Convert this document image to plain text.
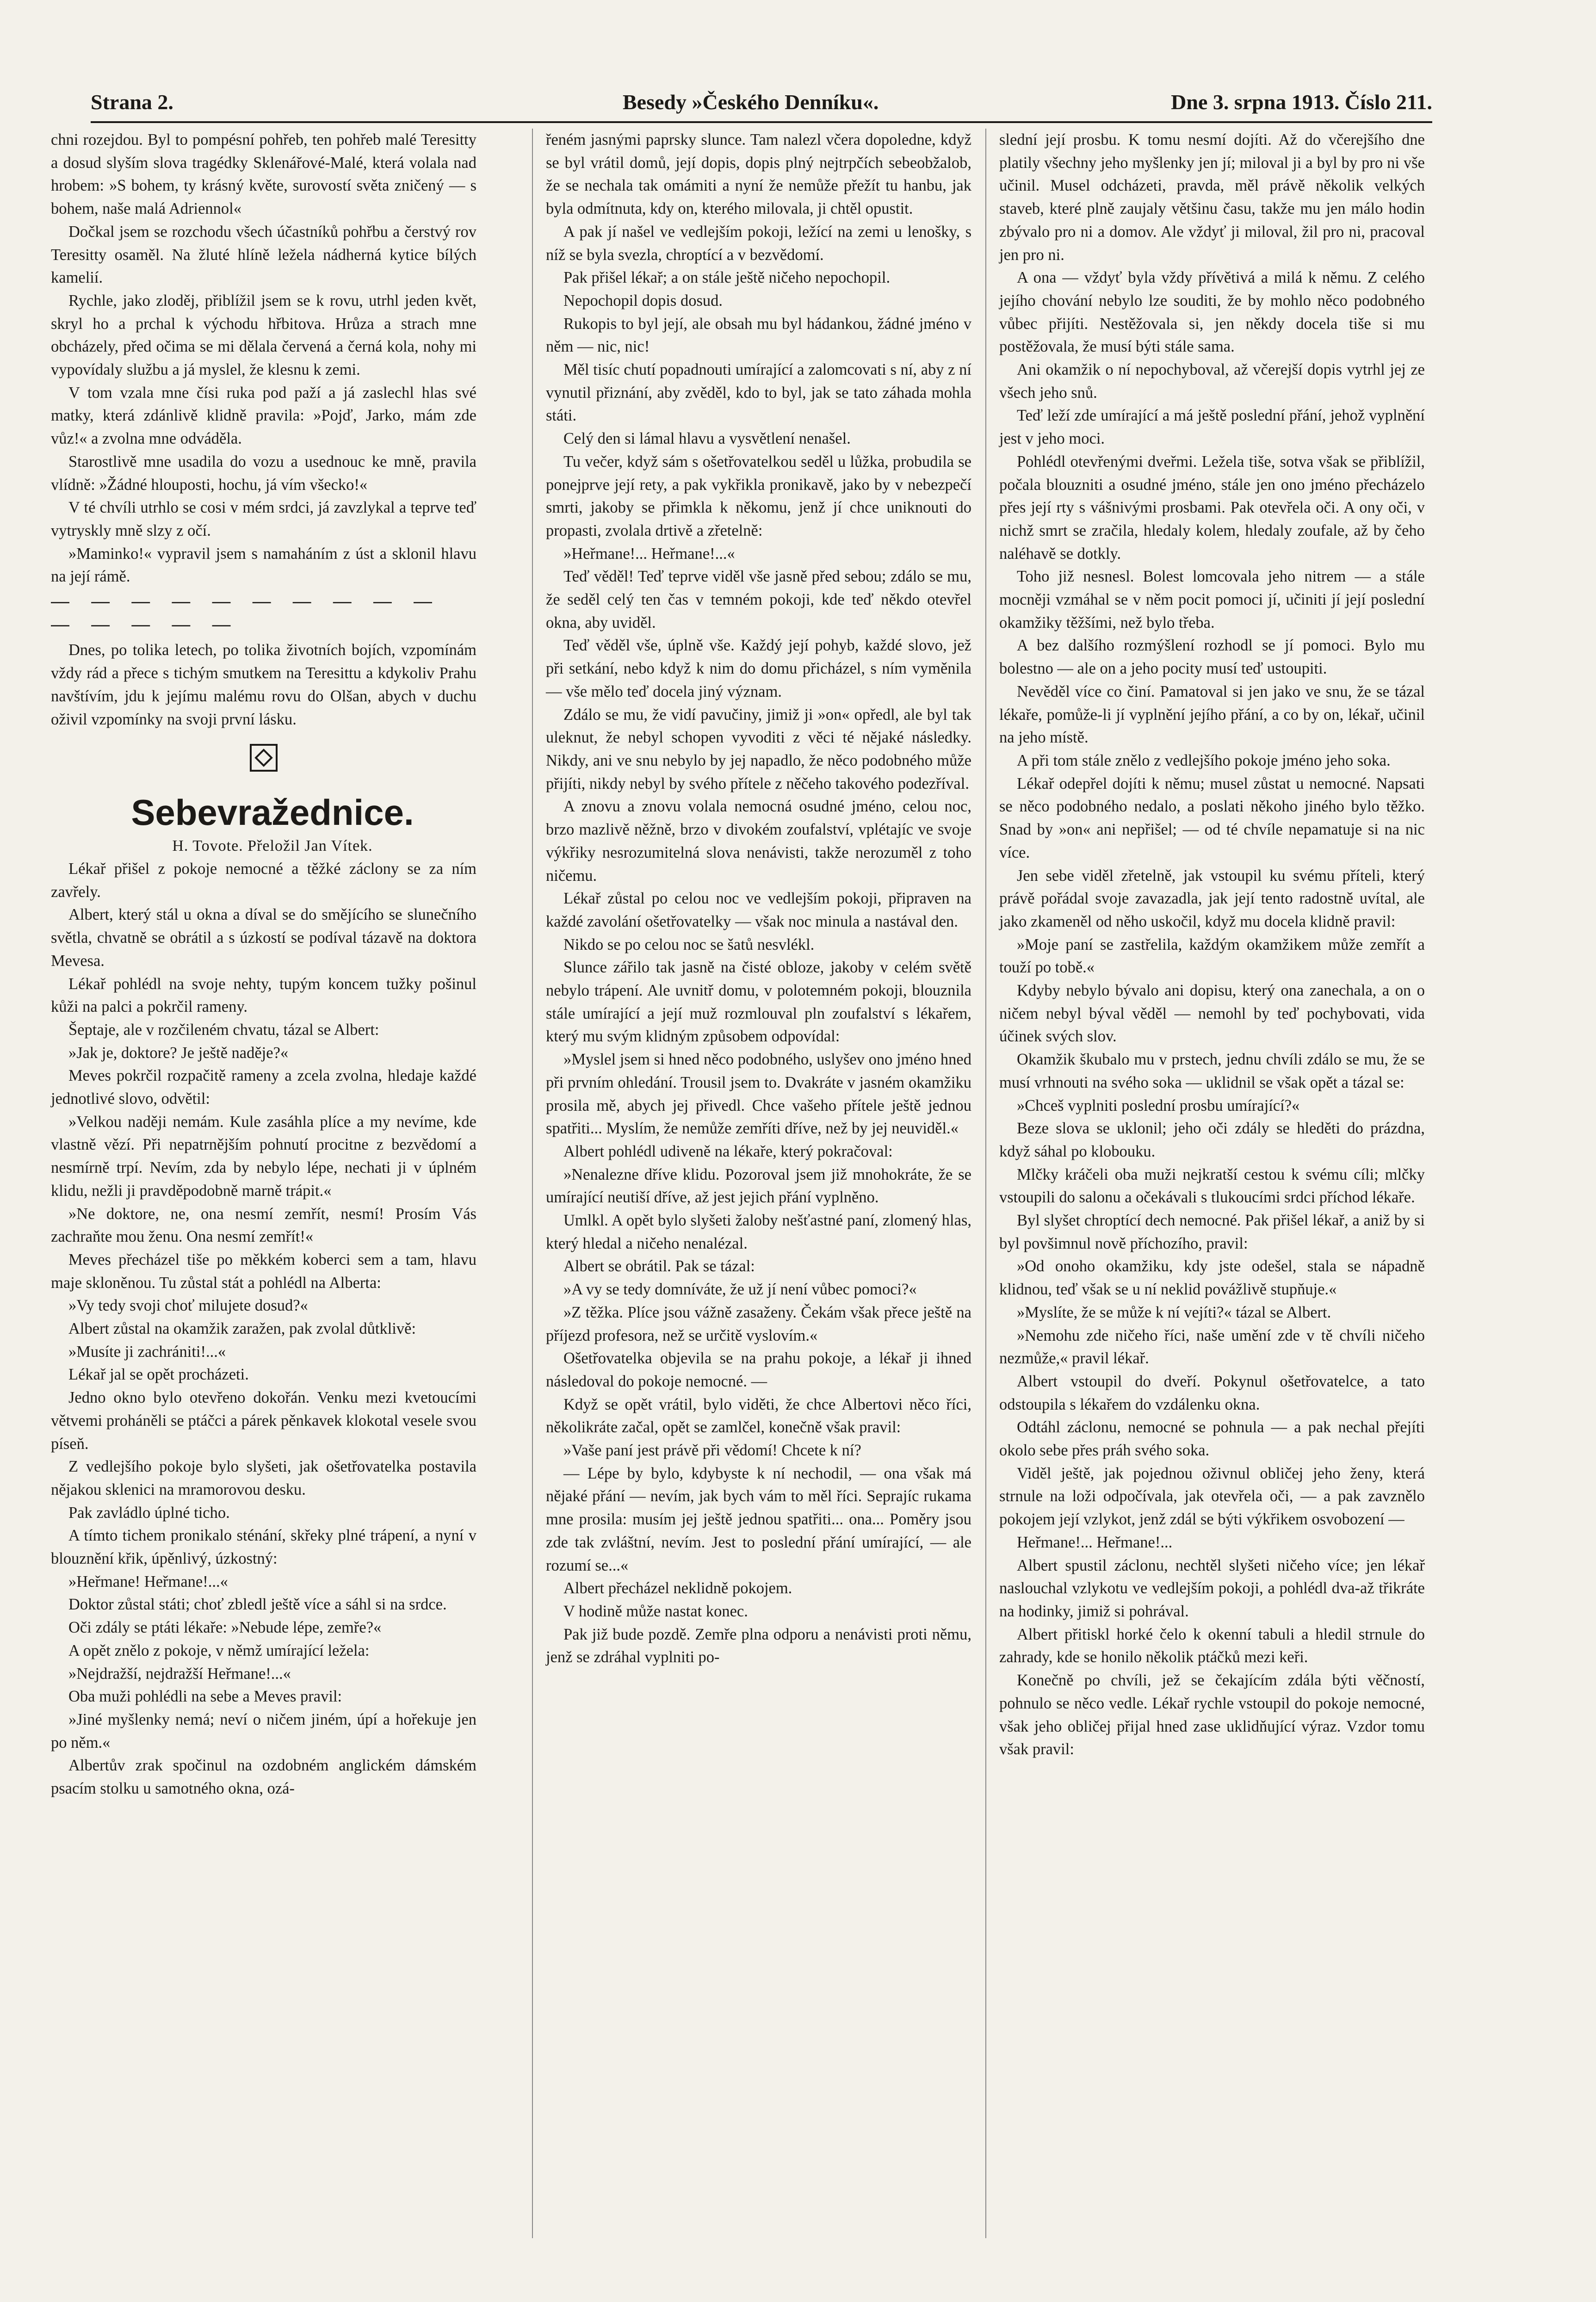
Strana 2.	Besedy »Českého Denníku«.	Dne 3. srpna 1913. Číslo 211.

chni rozejdou. Byl to pompésní pohřeb, ten pohřeb malé Teresitty a dosud slyším slova tragédky Sklenářové-Malé, která volala nad hrobem: »S bohem, ty krásný květe, surovostí světa zničený — s bohem, naše malá Adriennol«

Dočkal jsem se rozchodu všech účastníků pohřbu a čerstvý rov Teresitty osaměl. Na žluté hlíně ležela nádherná kytice bílých kamelií.

Rychle, jako zloděj, přiblížil jsem se k rovu, utrhl jeden květ, skryl ho a prchal k východu hřbitova. Hrůza a strach mne obcházely, před očima se mi dělala červená a černá kola, nohy mi vypovídaly službu a já myslel, že klesnu k zemi.

V tom vzala mne čísi ruka pod paží a já zaslechl hlas své matky, která zdánlivě klidně pravila: »Pojď, Jarko, mám zde vůz!« a zvolna mne odváděla.

Starostlivě mne usadila do vozu a usednouc ke mně, pravila vlídně: »Žádné hlouposti, hochu, já vím všecko!«

V té chvíli utrhlo se cosi v mém srdci, já zavzlykal a teprve teď vytryskly mně slzy z očí.

»Maminko!« vypravil jsem s namaháním z úst a sklonil hlavu na její rámě.

— — — — — — — — — — — — — — —

Dnes, po tolika letech, po tolika životních bojích, vzpomínám vždy rád a přece s tichým smutkem na Teresittu a kdykoliv Prahu navštívím, jdu k jejímu malému rovu do Olšan, abych v duchu oživil vzpomínky na svoji první lásku.

Sebevražednice.

H. Tovote. Přeložil Jan Vítek.

Lékař přišel z pokoje nemocné a těžké záclony se za ním zavřely.

Albert, který stál u okna a díval se do smějícího se slunečního světla, chvatně se obrátil a s úzkostí se podíval tázavě na doktora Mevesa.

Lékař pohlédl na svoje nehty, tupým koncem tužky pošinul kůži na palci a pokrčil rameny.

Šeptaje, ale v rozčileném chvatu, tázal se Albert:

»Jak je, doktore? Je ještě naděje?«

Meves pokrčil rozpačitě rameny a zcela zvolna, hledaje každé jednotlivé slovo, odvětil:

»Velkou naději nemám. Kule zasáhla plíce a my nevíme, kde vlastně vězí. Při nepatrnějším pohnutí procitne z bezvědomí a nesmírně trpí. Nevím, zda by nebylo lépe, nechati ji v úplném klidu, nežli ji pravděpodobně marně trápit.«

»Ne doktore, ne, ona nesmí zemřít, nesmí! Prosím Vás zachraňte mou ženu. Ona nesmí zemřít!«

Meves přecházel tiše po měkkém koberci sem a tam, hlavu maje skloněnou. Tu zůstal stát a pohlédl na Alberta:

»Vy tedy svoji choť milujete dosud?«

Albert zůstal na okamžik zaražen, pak zvolal důtklivě:

»Musíte ji zachrániti!...«

Lékař jal se opět procházeti.

Jedno okno bylo otevřeno dokořán. Venku mezi kvetoucími větvemi proháněli se ptáčci a párek pěnkavek klokotal vesele svou píseň.

Z vedlejšího pokoje bylo slyšeti, jak ošetřovatelka postavila nějakou sklenici na mramorovou desku.

Pak zavládlo úplné ticho.

A tímto tichem pronikalo sténání, skřeky plné trápení, a nyní v blouznění křik, úpěnlivý, úzkostný:

»Heřmane! Heřmane!...«

Doktor zůstal státi; choť zbledl ještě více a sáhl si na srdce.

Oči zdály se ptáti lékaře: »Nebude lépe, zemře?«

A opět znělo z pokoje, v němž umírající ležela:

»Nejdražší, nejdražší Heřmane!...«

Oba muži pohlédli na sebe a Meves pravil:

»Jiné myšlenky nemá; neví o ničem jiném, úpí a hořekuje jen po něm.«

Albertův zrak spočinul na ozdobném anglickém dámském psacím stolku u samotného okna, ozá-

řeném jasnými paprsky slunce. Tam nalezl včera dopoledne, když se byl vrátil domů, její dopis, dopis plný nejtrpčích sebeobžalob, že se nechala tak omámiti a nyní že nemůže přežít tu hanbu, jak byla odmítnuta, kdy on, kterého milovala, ji chtěl opustit.

A pak jí našel ve vedlejším pokoji, ležící na zemi u lenošky, s níž se byla svezla, chroptící a v bezvědomí.

Pak přišel lékař; a on stále ještě ničeho nepochopil.

Nepochopil dopis dosud.

Rukopis to byl její, ale obsah mu byl hádankou, žádné jméno v něm — nic, nic!

Měl tisíc chutí popadnouti umírající a zalomcovati s ní, aby z ní vynutil přiznání, aby zvěděl, kdo to byl, jak se tato záhada mohla státi.

Celý den si lámal hlavu a vysvětlení nenašel.

Tu večer, když sám s ošetřovatelkou seděl u lůžka, probudila se ponejprve její rety, a pak vykřikla pronikavě, jako by v nebezpečí smrti, jakoby se přimkla k někomu, jenž jí chce uniknouti do propasti, zvolala drtivě a zřetelně:

»Heřmane!... Heřmane!...«

Teď věděl! Teď teprve viděl vše jasně před sebou; zdálo se mu, že seděl celý ten čas v temném pokoji, kde teď někdo otevřel okna, aby uviděl.

Teď věděl vše, úplně vše. Každý její pohyb, každé slovo, jež při setkání, nebo když k nim do domu přicházel, s ním vyměnila — vše mělo teď docela jiný význam.

Zdálo se mu, že vidí pavučiny, jimiž ji »on« opředl, ale byl tak uleknut, že nebyl schopen vyvoditi z věci té nějaké následky. Nikdy, ani ve snu nebylo by jej napadlo, že něco podobného může přijíti, nikdy nebyl by svého přítele z něčeho takového podezříval.

A znovu a znovu volala nemocná osudné jméno, celou noc, brzo mazlivě něžně, brzo v divokém zoufalství, vplétajíc ve svoje výkřiky nesrozumitelná slova nenávisti, takže nerozuměl z toho ničemu.

Lékař zůstal po celou noc ve vedlejším pokoji, připraven na každé zavolání ošetřovatelky — však noc minula a nastával den.

Nikdo se po celou noc se šatů nesvlékl.

Slunce zářilo tak jasně na čisté obloze, jakoby v celém světě nebylo trápení. Ale uvnitř domu, v polotemném pokoji, blouznila stále umírající a její muž rozmlouval pln zoufalství s lékařem, který mu svým klidným způsobem odpovídal:

»Myslel jsem si hned něco podobného, uslyšev ono jméno hned při prvním ohledání. Trousil jsem to. Dvakráte v jasném okamžiku prosila mě, abych jej přivedl. Chce vašeho přítele ještě jednou spatřiti... Myslím, že nemůže zemříti dříve, než by jej neuviděl.«

Albert pohlédl udiveně na lékaře, který pokračoval:

»Nenalezne dříve klidu. Pozoroval jsem již mnohokráte, že se umírající neutiší dříve, až jest jejich přání vyplněno.

Umlkl. A opět bylo slyšeti žaloby nešťastné paní, zlomený hlas, který hledal a ničeho nenalézal.

Albert se obrátil. Pak se tázal:

»A vy se tedy domníváte, že už jí není vůbec pomoci?«

»Z těžka. Plíce jsou vážně zasaženy. Čekám však přece ještě na příjezd profesora, než se určitě vyslovím.«

Ošetřovatelka objevila se na prahu pokoje, a lékař ji ihned následoval do pokoje nemocné. —

Když se opět vrátil, bylo viděti, že chce Albertovi něco říci, několikráte začal, opět se zamlčel, konečně však pravil:

»Vaše paní jest právě při vědomí! Chcete k ní?

— Lépe by bylo, kdybyste k ní nechodil, — ona však má nějaké přání — nevím, jak bych vám to měl říci. Seprajíc rukama mne prosila: musím jej ještě jednou spatřiti... ona... Poměry jsou zde tak zvláštní, nevím. Jest to poslední přání umírající, — ale rozumí se...«

Albert přecházel neklidně pokojem.

V hodině může nastat konec.

Pak již bude pozdě. Zemře plna odporu a nenávisti proti němu, jenž se zdráhal vyplniti po-

slední její prosbu. K tomu nesmí dojíti. Až do včerejšího dne platily všechny jeho myšlenky jen jí; miloval ji a byl by pro ni vše učinil. Musel odcházeti, pravda, měl právě několik velkých staveb, které plně zaujaly většinu času, takže mu jen málo hodin zbývalo pro ni a domov. Ale vždyť ji miloval, žil pro ni, pracoval jen pro ni.

A ona — vždyť byla vždy přívětivá a milá k němu. Z celého jejího chování nebylo lze souditi, že by mohlo něco podobného vůbec přijíti. Nestěžovala si, jen někdy docela tiše si mu postěžovala, že musí býti stále sama.

Ani okamžik o ní nepochyboval, až včerejší dopis vytrhl jej ze všech jeho snů.

Teď leží zde umírající a má ještě poslední přání, jehož vyplnění jest v jeho moci.

Pohlédl otevřenými dveřmi. Ležela tiše, sotva však se přiblížil, počala blouzniti a osudné jméno, stále jen ono jméno přecházelo přes její rty s vášnivými prosbami. Pak otevřela oči. A ony oči, v nichž smrt se zračila, hledaly kolem, hledaly zoufale, až by čeho naléhavě se dotkly.

Toho již nesnesl. Bolest lomcovala jeho nitrem — a stále mocněji vzmáhal se v něm pocit pomoci jí, učiniti jí její poslední okamžiky těžšími, než bylo třeba.

A bez dalšího rozmýšlení rozhodl se jí pomoci. Bylo mu bolestno — ale on a jeho pocity musí teď ustoupiti.

Nevěděl více co činí. Pamatoval si jen jako ve snu, že se tázal lékaře, pomůže-li jí vyplnění jejího přání, a co by on, lékař, učinil na jeho místě.

A při tom stále znělo z vedlejšího pokoje jméno jeho soka.

Lékař odepřel dojíti k němu; musel zůstat u nemocné. Napsati se něco podobného nedalo, a poslati někoho jiného bylo těžko. Snad by »on« ani nepřišel; — od té chvíle nepamatuje si na nic více.

Jen sebe viděl zřetelně, jak vstoupil ku svému příteli, který právě pořádal svoje zavazadla, jak její tento radostně uvítal, ale jako zkameněl od něho uskočil, když mu docela klidně pravil:

»Moje paní se zastřelila, každým okamžikem může zemřít a touží po tobě.«

Kdyby nebylo bývalo ani dopisu, který ona zanechala, a on o ničem nebyl býval věděl — nemohl by teď pochybovati, vida účinek svých slov.

Okamžik škubalo mu v prstech, jednu chvíli zdálo se mu, že se musí vrhnouti na svého soka — uklidnil se však opět a tázal se:

»Chceš vyplniti poslední prosbu umírající?«

Beze slova se uklonil; jeho oči zdály se hleděti do prázdna, když sáhal po klobouku.

Mlčky kráčeli oba muži nejkratší cestou k svému cíli; mlčky vstoupili do salonu a očekávali s tlukoucími srdci příchod lékaře.

Byl slyšet chroptící dech nemocné. Pak přišel lékař, a aniž by si byl povšimnul nově příchozího, pravil:

»Od onoho okamžiku, kdy jste odešel, stala se nápadně klidnou, teď však se u ní neklid povážlivě stupňuje.«

»Myslíte, že se může k ní vejíti?« tázal se Albert.

»Nemohu zde ničeho říci, naše umění zde v tě chvíli ničeho nezmůže,« pravil lékař.

Albert vstoupil do dveří. Pokynul ošetřovatelce, a tato odstoupila s lékařem do vzdálenku okna.

Odtáhl záclonu, nemocné se pohnula — a pak nechal přejíti okolo sebe přes práh svého soka.

Viděl ještě, jak pojednou oživnul obličej jeho ženy, která strnule na loži odpočívala, jak otevřela oči, — a pak zavznělo pokojem její vzlykot, jenž zdál se býti výkřikem osvobození —

Heřmane!... Heřmane!...

Albert spustil záclonu, nechtěl slyšeti ničeho více; jen lékař naslouchal vzlykotu ve vedlejším pokoji, a pohlédl dva-až třikráte na hodinky, jimiž si pohrával.

Albert přitiskl horké čelo k okenní tabuli a hledil strnule do zahrady, kde se honilo několik ptáčků mezi keři.

Konečně po chvíli, jež se čekajícím zdála býti věčností, pohnulo se něco vedle. Lékař rychle vstoupil do pokoje nemocné, však jeho obličej přijal hned zase uklidňující výraz. Vzdor tomu však pravil:
